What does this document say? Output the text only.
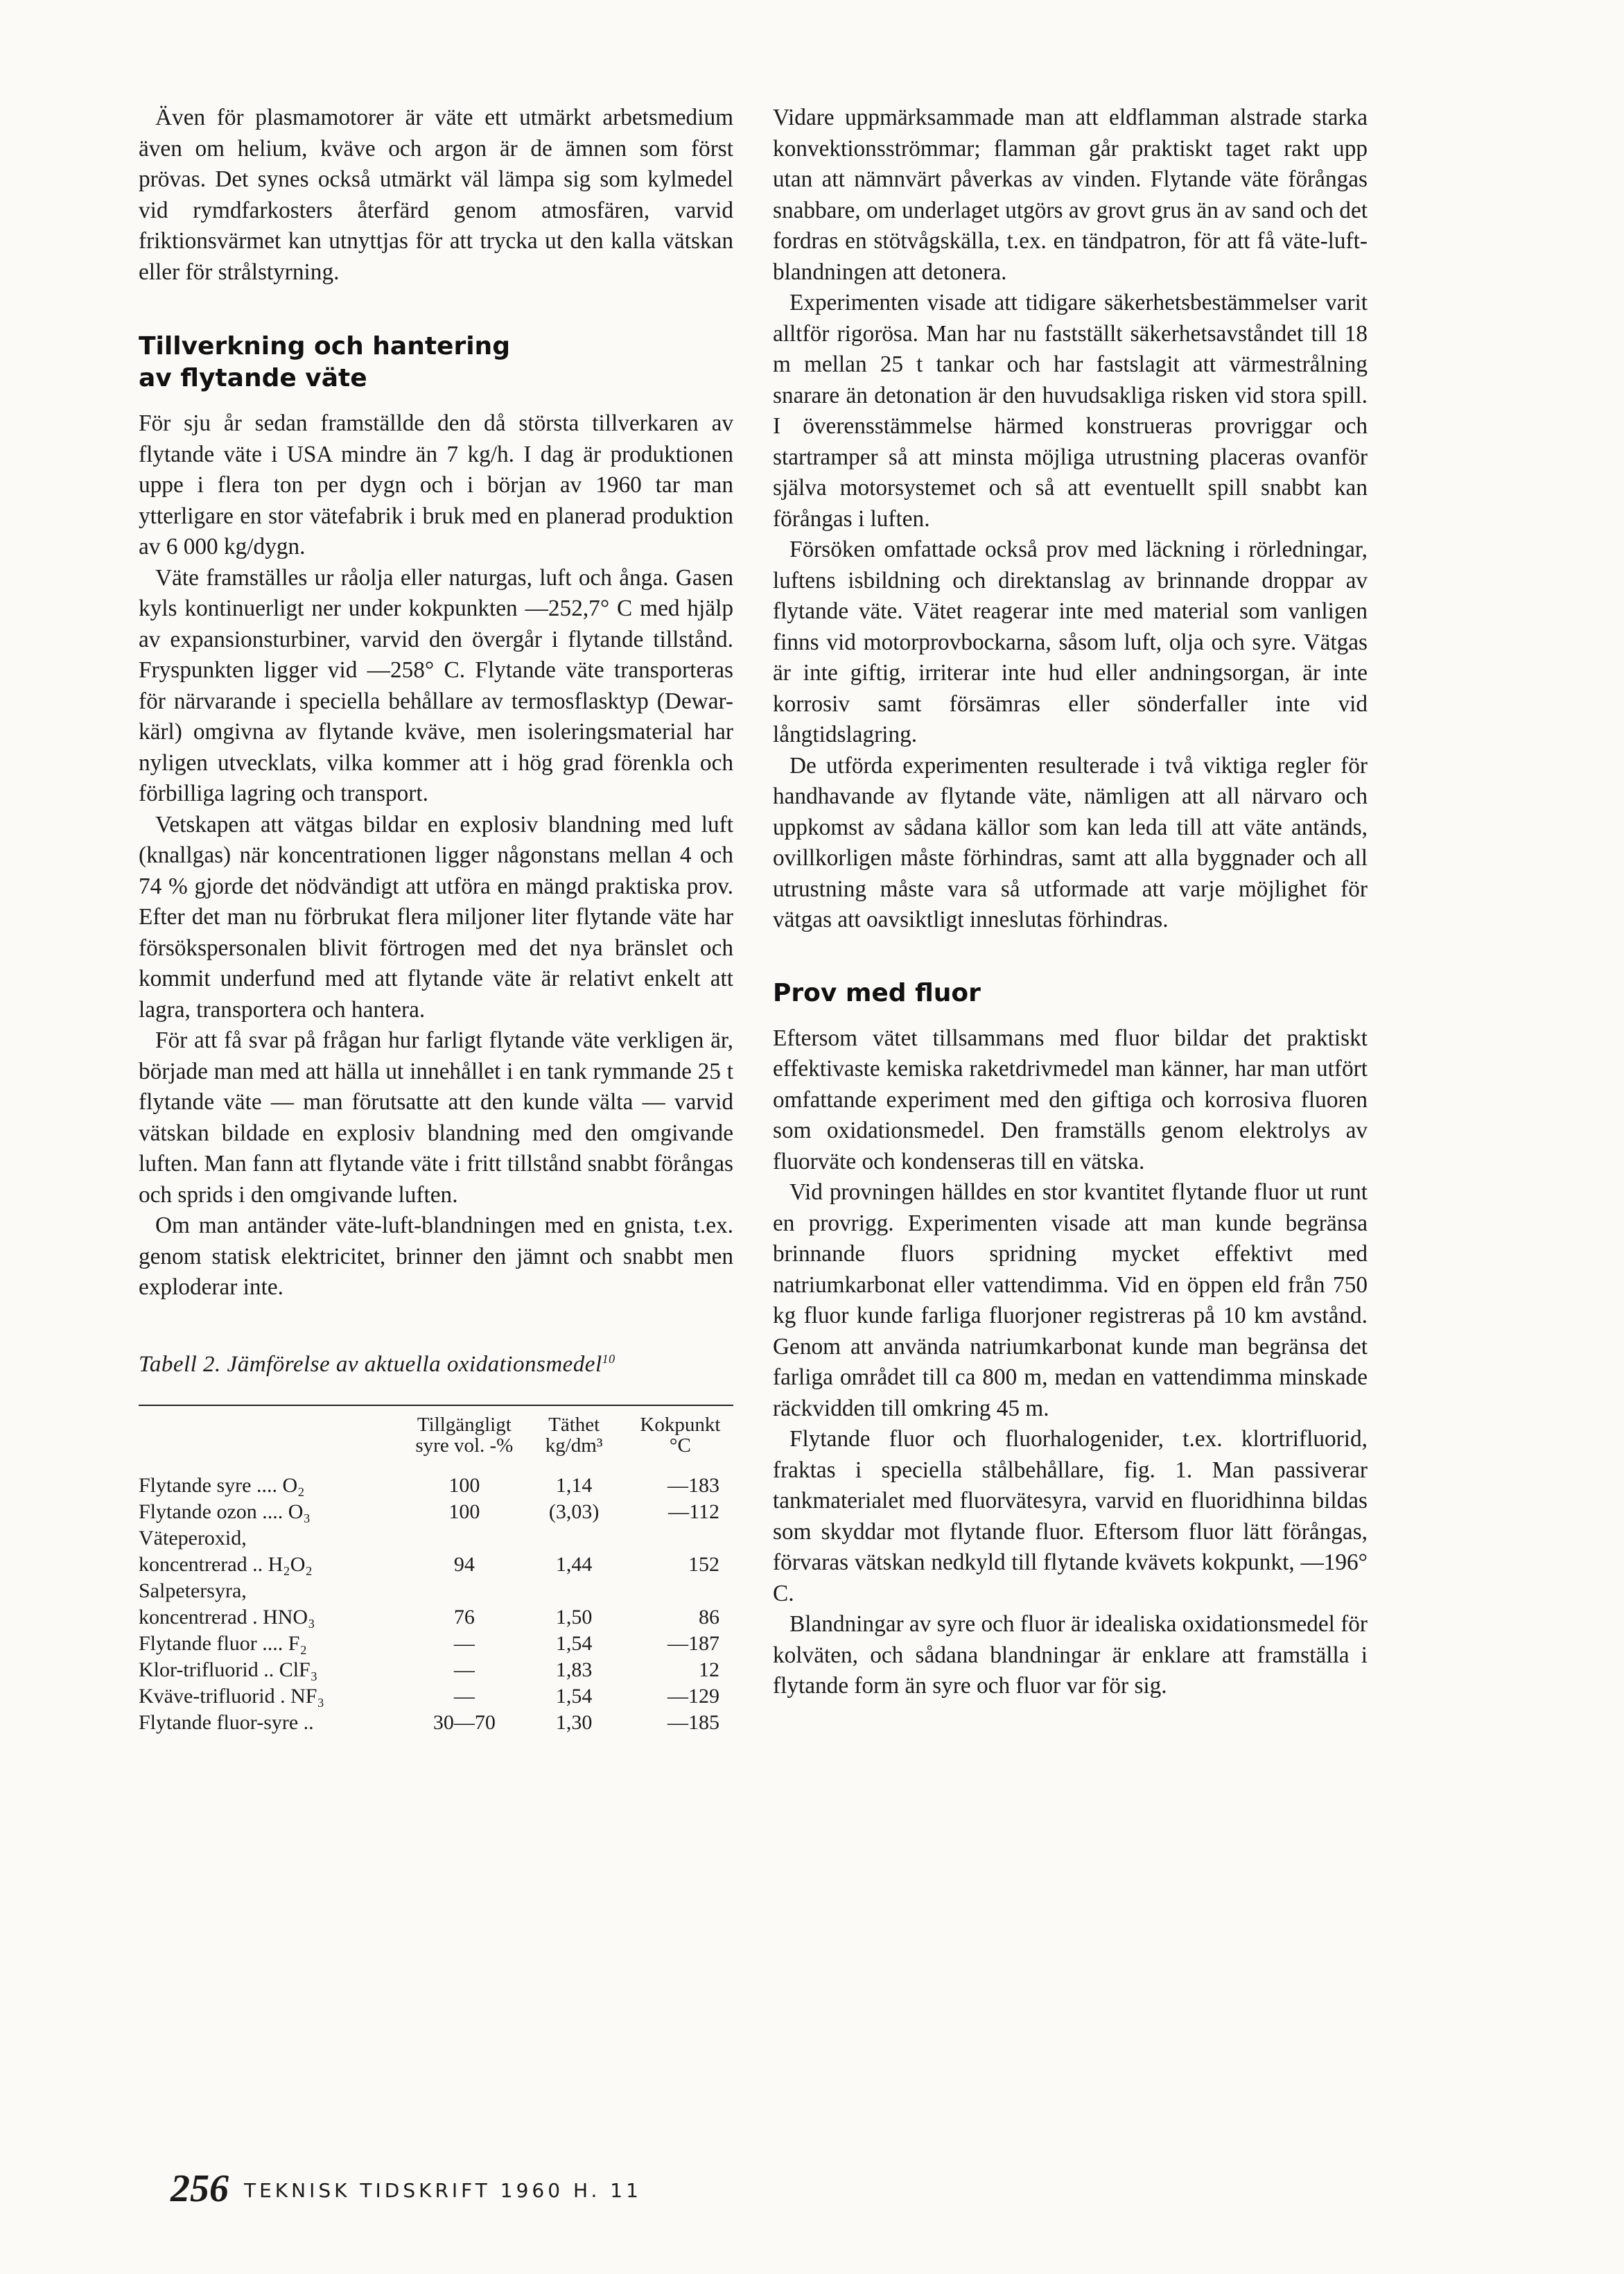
Även för plasmamotorer är väte ett utmärkt arbetsmedium även om helium, kväve och argon är de ämnen som först prövas. Det synes också utmärkt väl lämpa sig som kylmedel vid rymdfarkosters återfärd genom atmosfären, varvid friktionsvärmet kan utnyttjas för att trycka ut den kalla vätskan eller för strålstyrning.

Tillverkning och hantering
av flytande väte

För sju år sedan framställde den då största tillverkaren av flytande väte i USA mindre än 7 kg/h. I dag är produktionen uppe i flera ton per dygn och i början av 1960 tar man ytterligare en stor vätefabrik i bruk med en planerad produktion av 6 000 kg/dygn.

Väte framställes ur råolja eller naturgas, luft och ånga. Gasen kyls kontinuerligt ner under kokpunkten —252,7° C med hjälp av expansionsturbiner, varvid den övergår i flytande tillstånd. Fryspunkten ligger vid —258° C. Flytande väte transporteras för närvarande i speciella behållare av termosflasktyp (Dewar-kärl) omgivna av flytande kväve, men isoleringsmaterial har nyligen utvecklats, vilka kommer att i hög grad förenkla och förbilliga lagring och transport.

Vetskapen att vätgas bildar en explosiv blandning med luft (knallgas) när koncentrationen ligger någonstans mellan 4 och 74 % gjorde det nödvändigt att utföra en mängd praktiska prov. Efter det man nu förbrukat flera miljoner liter flytande väte har försökspersonalen blivit förtrogen med det nya bränslet och kommit underfund med att flytande väte är relativt enkelt att lagra, transportera och hantera.

För att få svar på frågan hur farligt flytande väte verkligen är, började man med att hälla ut innehållet i en tank rymmande 25 t flytande väte — man förutsatte att den kunde välta — varvid vätskan bildade en explosiv blandning med den omgivande luften. Man fann att flytande väte i fritt tillstånd snabbt förångas och sprids i den omgivande luften.

Om man antänder väte-luft-blandningen med en gnista, t.ex. genom statisk elektricitet, brinner den jämnt och snabbt men exploderar inte.

Tabell 2. Jämförelse av aktuella oxidationsmedel$^{10}$

	Tillgängligt syre vol. -%	Täthet kg/dm³	Kokpunkt °C

Flytande syre .... O₂	100	1,14	—183
Flytande ozon .... O₃	100	(3,03)	—112
Väteperoxid,			
koncentrerad .. H₂O₂	94	1,44	152
Salpetersyra,			
koncentrerad . HNO₃	76	1,50	86
Flytande fluor .... F₂	—	1,54	—187
Klor-trifluorid .. ClF₃	—	1,83	12
Kväve-trifluorid . NF₃	—	1,54	—129
Flytande fluor-syre ..	30—70	1,30	—185

Vidare uppmärksammade man att eldflamman alstrade starka konvektionsströmmar; flamman går praktiskt taget rakt upp utan att nämnvärt påverkas av vinden. Flytande väte förångas snabbare, om underlaget utgörs av grovt grus än av sand och det fordras en stötvågskälla, t.ex. en tändpatron, för att få väte-luft-blandningen att detonera.

Experimenten visade att tidigare säkerhetsbestämmelser varit alltför rigorösa. Man har nu fastställt säkerhetsavståndet till 18 m mellan 25 t tankar och har fastslagit att värmestrålning snarare än detonation är den huvudsakliga risken vid stora spill. I överensstämmelse härmed konstrueras provriggar och startramper så att minsta möjliga utrustning placeras ovanför själva motorsystemet och så att eventuellt spill snabbt kan förångas i luften.

Försöken omfattade också prov med läckning i rörledningar, luftens isbildning och direktanslag av brinnande droppar av flytande väte. Vätet reagerar inte med material som vanligen finns vid motorprovbockarna, såsom luft, olja och syre. Vätgas är inte giftig, irriterar inte hud eller andningsorgan, är inte korrosiv samt försämras eller sönderfaller inte vid långtidslagring.

De utförda experimenten resulterade i två viktiga regler för handhavande av flytande väte, nämligen att all närvaro och uppkomst av sådana källor som kan leda till att väte antänds, ovillkorligen måste förhindras, samt att alla byggnader och all utrustning måste vara så utformade att varje möjlighet för vätgas att oavsiktligt inneslutas förhindras.

Prov med fluor

Eftersom vätet tillsammans med fluor bildar det praktiskt effektivaste kemiska raketdrivmedel man känner, har man utfört omfattande experiment med den giftiga och korrosiva fluoren som oxidationsmedel. Den framställs genom elektrolys av fluorväte och kondenseras till en vätska.

Vid provningen hälldes en stor kvantitet flytande fluor ut runt en provrigg. Experimenten visade att man kunde begränsa brinnande fluors spridning mycket effektivt med natriumkarbonat eller vattendimma. Vid en öppen eld från 750 kg fluor kunde farliga fluorjoner registreras på 10 km avstånd. Genom att använda natriumkarbonat kunde man begränsa det farliga området till ca 800 m, medan en vattendimma minskade räckvidden till omkring 45 m.

Flytande fluor och fluorhalogenider, t.ex. klortrifluorid, fraktas i speciella stålbehållare, fig. 1. Man passiverar tankmaterialet med fluorvätesyra, varvid en fluoridhinna bildas som skyddar mot flytande fluor. Eftersom fluor lätt förångas, förvaras vätskan nedkyld till flytande kvävets kokpunkt, —196° C.

Blandningar av syre och fluor är idealiska oxidationsmedel för kolväten, och sådana blandningar är enklare att framställa i flytande form än syre och fluor var för sig.

256 TEKNISK TIDSKRIFT 1960 H. 11
